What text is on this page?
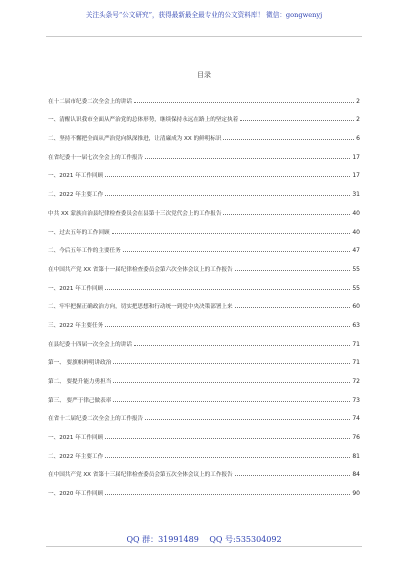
关注头条号“公文研究”，获得最新最全最专业的公文资料库！ 微信：gongwenyj
目录
在十二届市纪委二次全会上的讲话	2
一、清醒认识我市全面从严治党的总体形势，继续保持永远在路上的坚定执着	2
二、坚持不懈把全面从严治党向纵深推进，让清廉成为 XX 的鲜明标识	6
在省纪委十一届七次全会上的工作报告	17
一、2021 年工作回顾	17
二、2022 年主要工作	31
中共 XX 蒙族自治县纪律检查委员会在县第十三次党代会上的工作报告	40
一、过去五年的工作回顾	40
二、今后五年工作的主要任务	47
在中国共产党 XX 省第十一届纪律检查委员会第六次全体会议上的工作报告	55
一、2021 年工作回顾	55
二、牢牢把握正确政治方向，切实把思想和行动统一到党中央决策部署上来	60
三、2022 年主要任务	63
在县纪委十四届一次全会上的讲话	71
第一、 要旗帜鲜明讲政治	71
第二、 要提升能力勇担当	72
第三、 要严于律己做表率	73
在省十二届纪委二次全会上的工作报告	74
一、2021 年工作回顾	76
二、2022 年主要工作	81
在中国共产党 XX 省第十三届纪律检查委员会第五次全体会议上的工作报告	84
一、2020 年工作回顾	90
QQ 群：31991489 QQ 号:535304092
